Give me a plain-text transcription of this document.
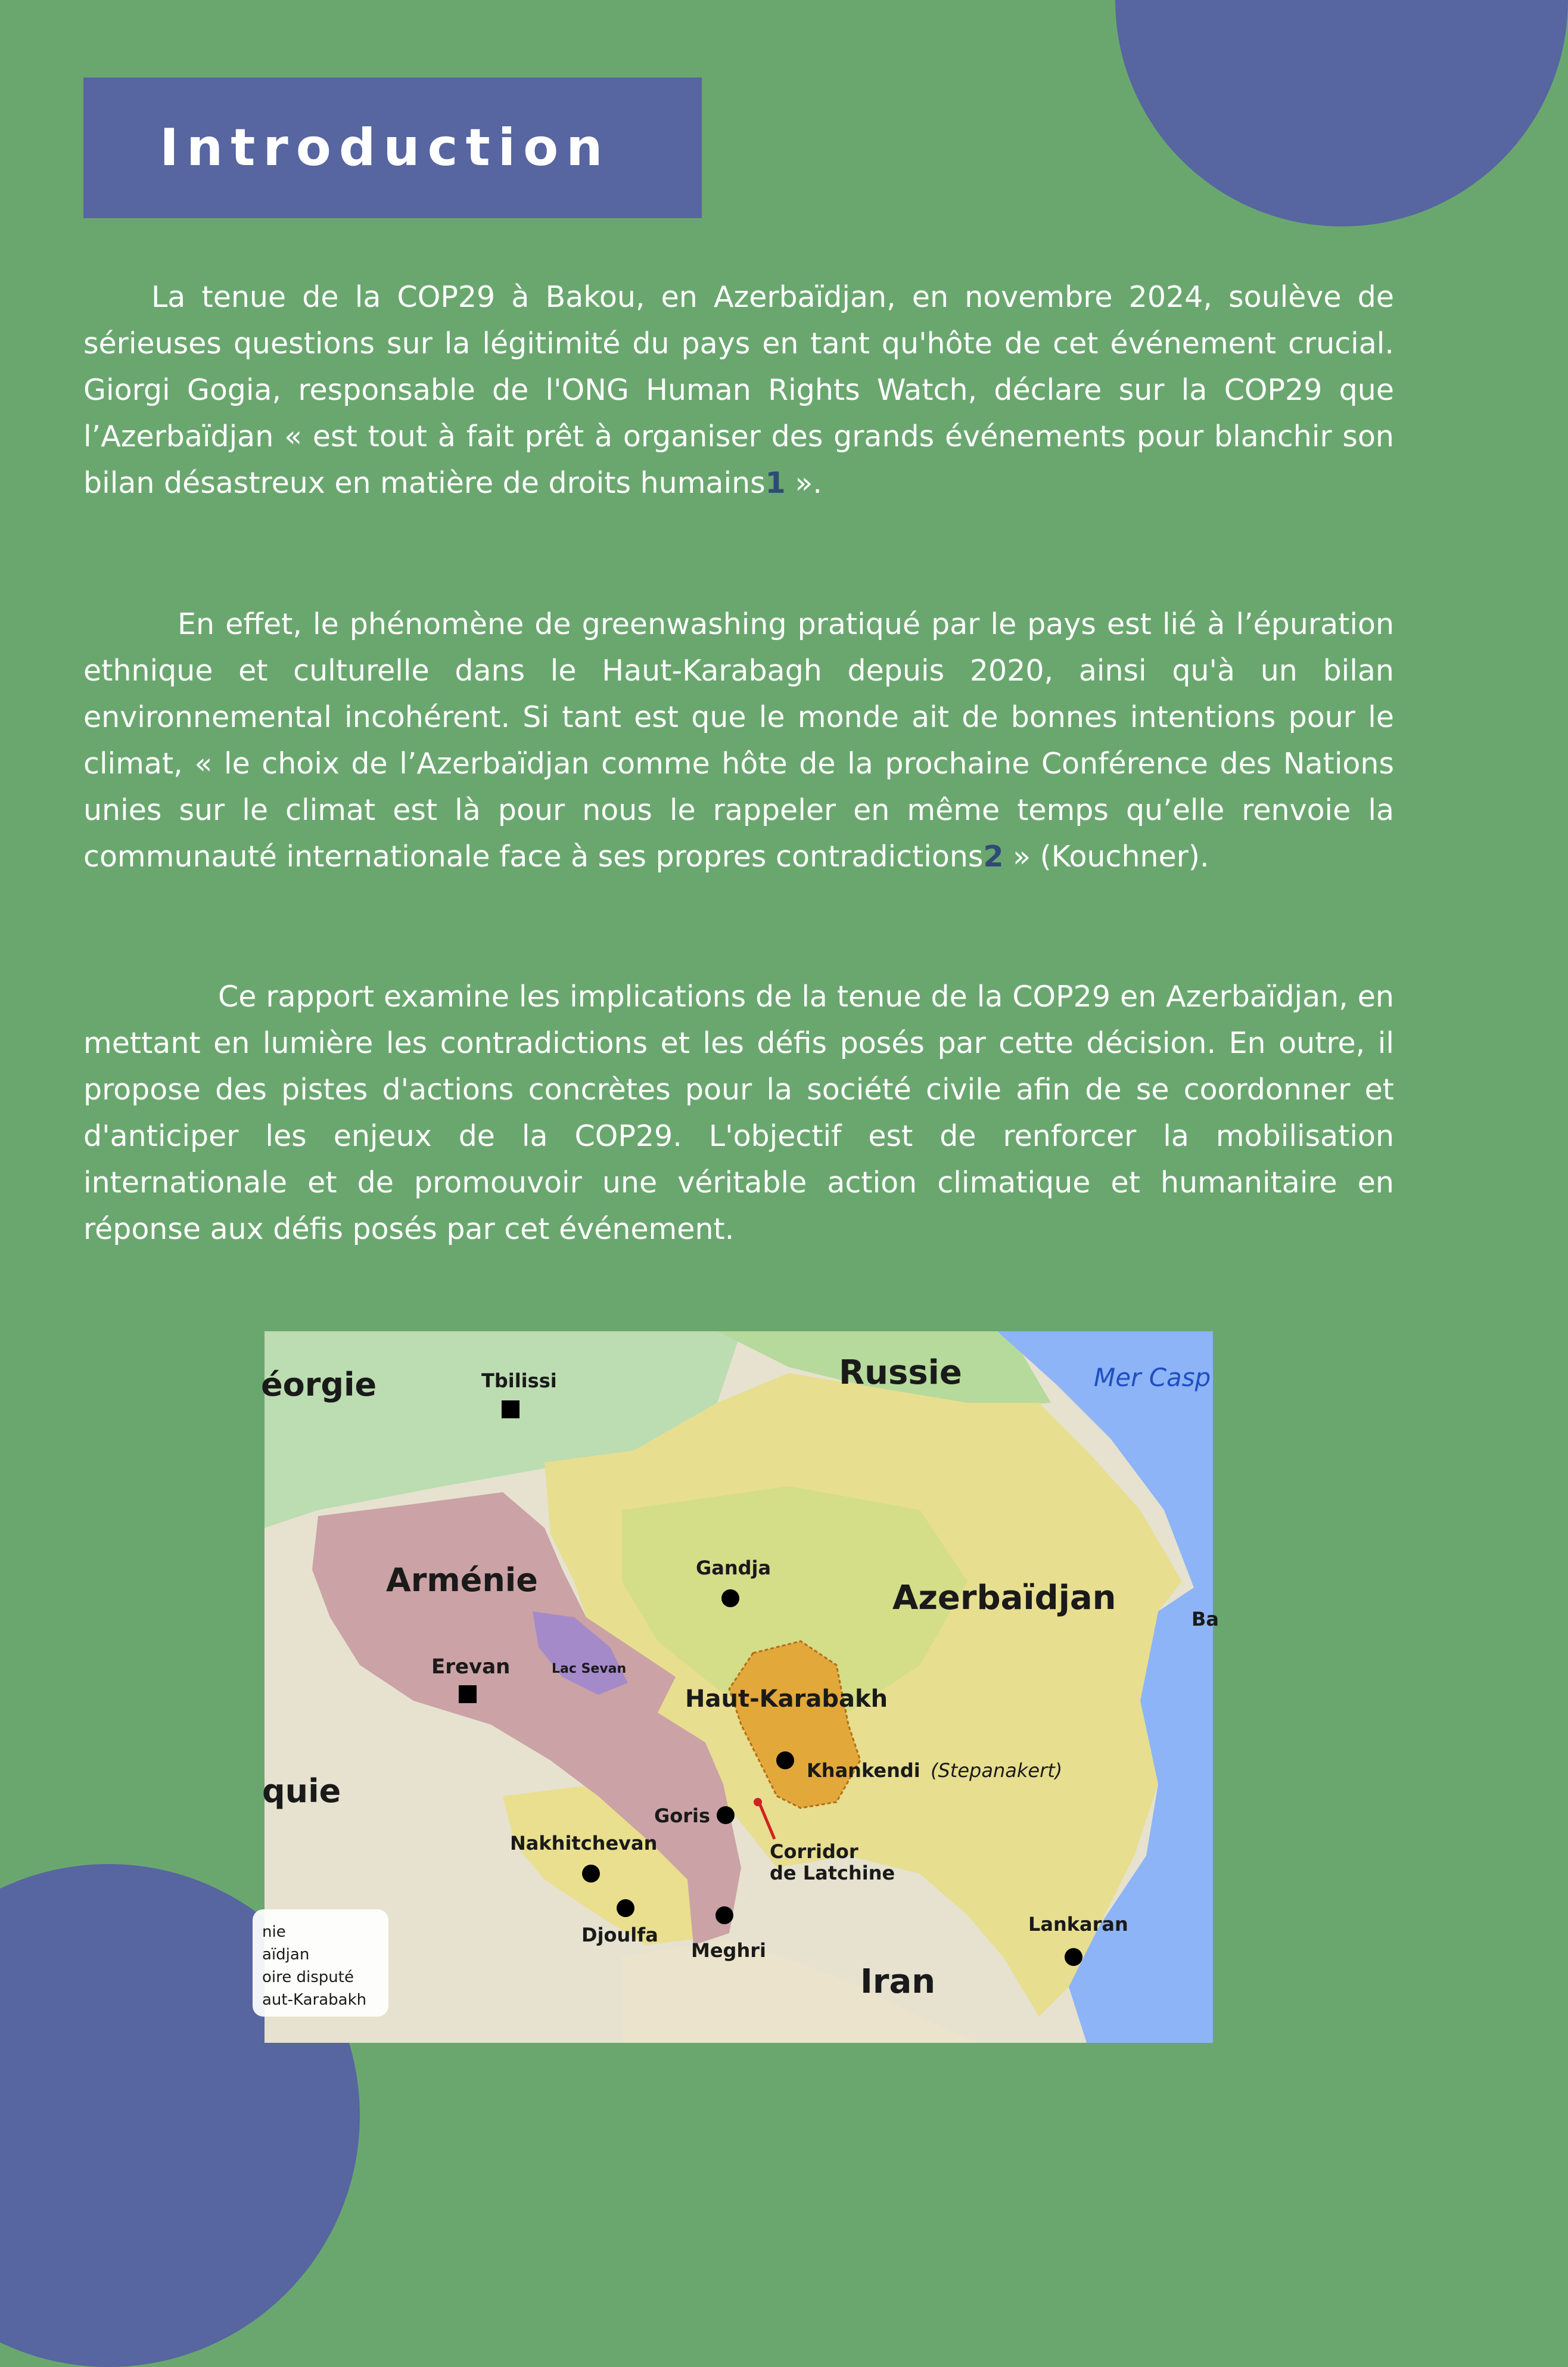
Introduction

La tenue de la COP29 à Bakou, en Azerbaïdjan, en novembre 2024, soulève de sérieuses questions sur la légitimité du pays en tant qu'hôte de cet événement crucial. Giorgi Gogia, responsable de l'ONG Human Rights Watch, déclare sur la COP29 que l’Azerbaïdjan « est tout à fait prêt à organiser des grands événements pour blanchir son bilan désastreux en matière de droits humains1 ».

En effet, le phénomène de greenwashing pratiqué par le pays est lié à l’épuration ethnique et culturelle dans le Haut-Karabagh depuis 2020, ainsi qu'à un bilan environnemental incohérent. Si tant est que le monde ait de bonnes intentions pour le climat, « le choix de l’Azerbaïdjan comme hôte de la prochaine Conférence des Nations unies sur le climat est là pour nous le rappeler en même temps qu’elle renvoie la communauté internationale face à ses propres contradictions2 » (Kouchner).

Ce rapport examine les implications de la tenue de la COP29 en Azerbaïdjan, en mettant en lumière les contradictions et les défis posés par cette décision. En outre, il propose des pistes d'actions concrètes pour la société civile afin de se coordonner et d'anticiper les enjeux de la COP29. L'objectif est de renforcer la mobilisation internationale et de promouvoir une véritable action climatique et humanitaire en réponse aux défis posés par cet événement.

éorgie	Russie
Arménie	Azerbaïdjan
quie
Iran
Mer Casp
Ba
Tbilissi
Gandja
Erevan	Lac Sevan
Haut-Karabakh
Khankendi (Stepanakert)
Goris
Nakhitchevan	Corridor
de Latchine
Djoulfa
Meghri
Lankaran
nie
aïdjan
oire disputé
aut-Karabakh
